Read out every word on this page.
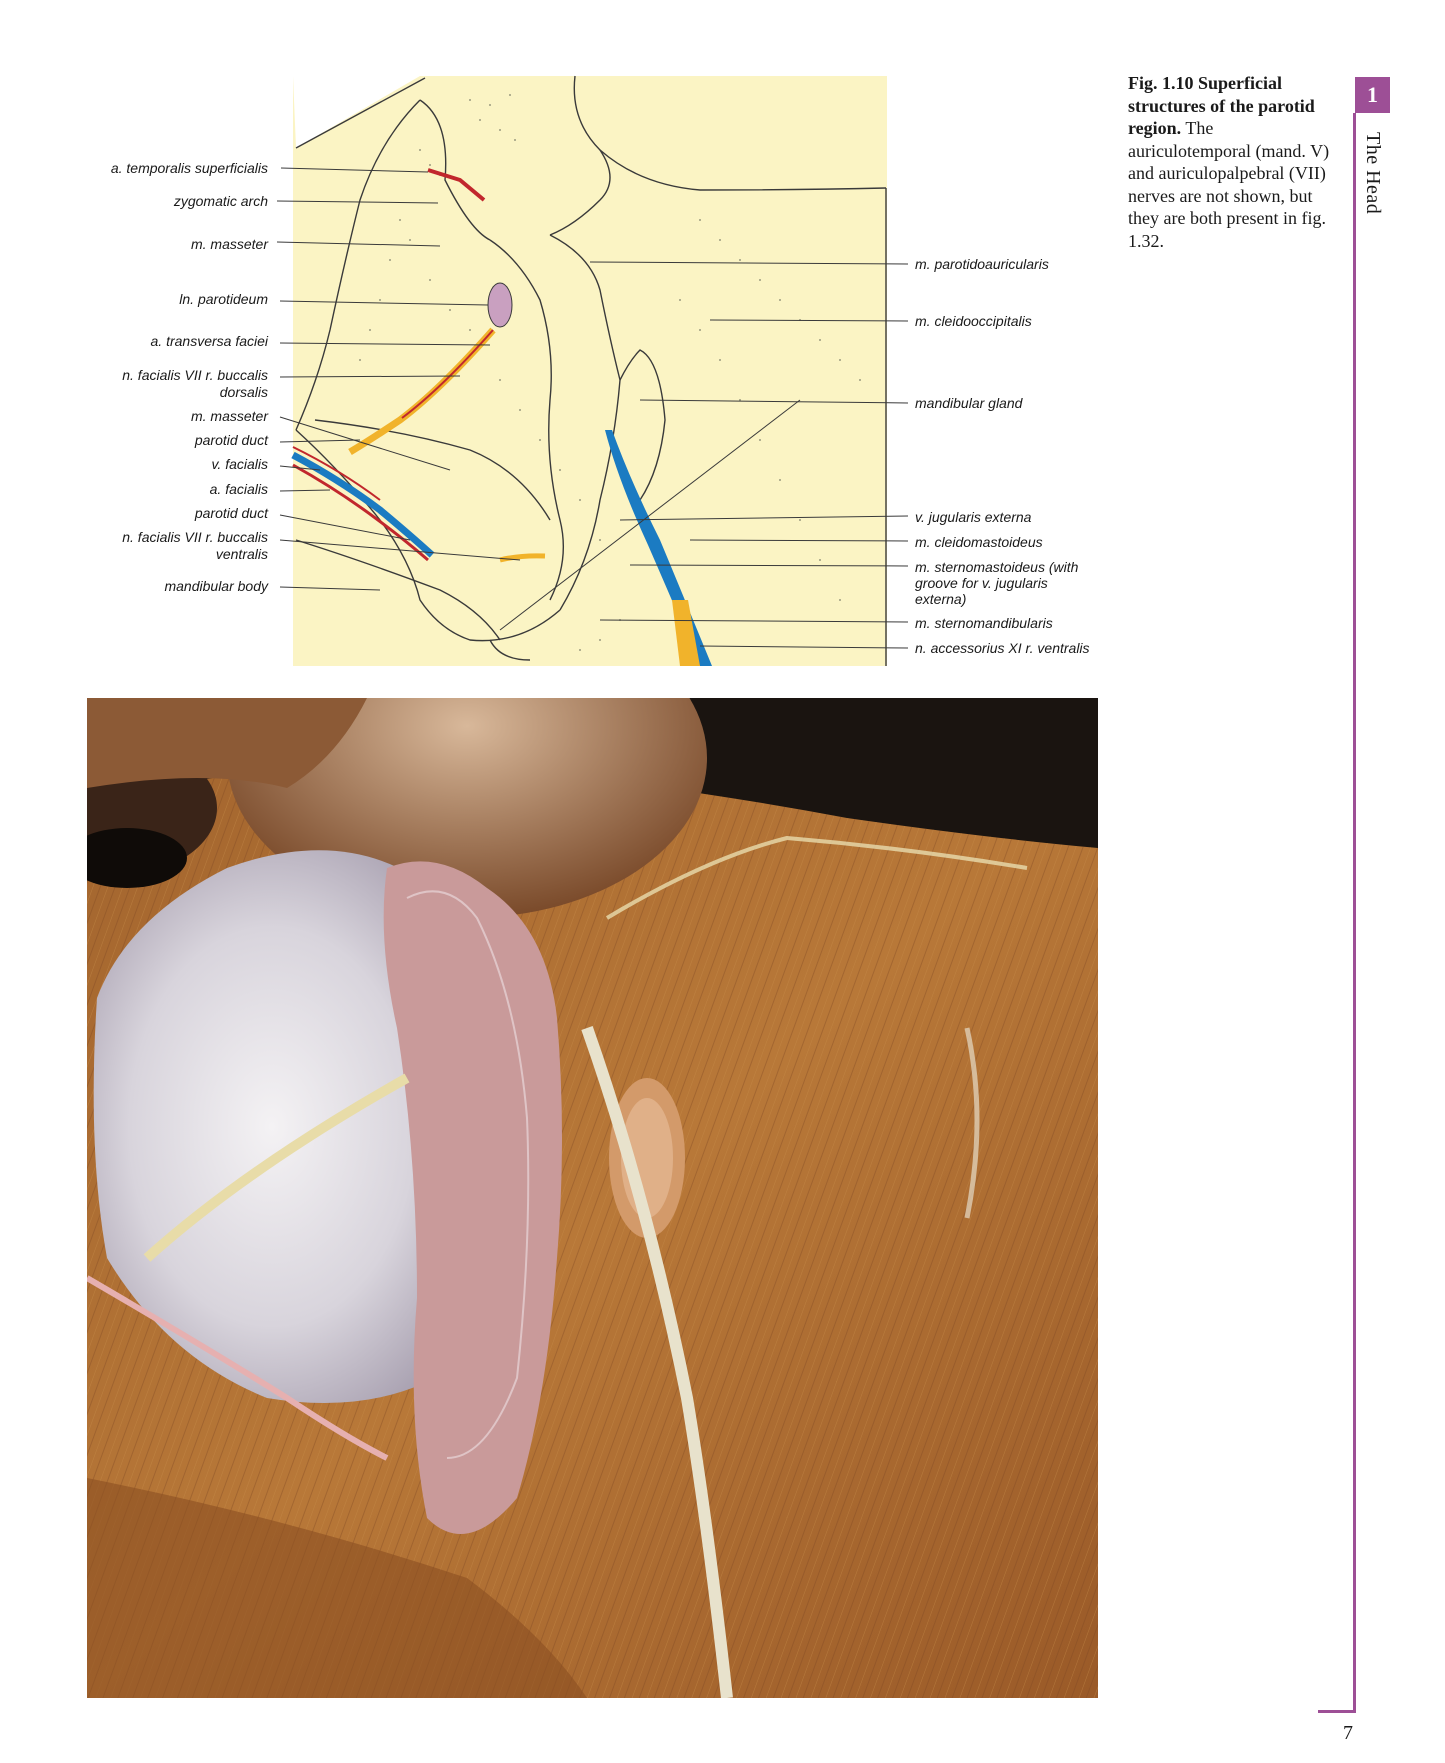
a. temporalis superficialis
zygomatic arch
m. masseter
ln. parotideum
a. transversa faciei
n. facialis VII r. buccalis
dorsalis
m. masseter
parotid duct
v. facialis
a. facialis
parotid duct
n. facialis VII r. buccalis
ventralis
mandibular body
m. parotidoauricularis
m. cleidooccipitalis
mandibular gland
v. jugularis externa
m. cleidomastoideus
m. sternomastoideus (with
groove for v. jugularis
externa)
m. sternomandibularis
n. accessorius XI r. ventralis
Fig. 1.10 Superficial structures of the parotid region. The auriculotemporal (mand. V) and auriculopalpebral (VII) nerves are not shown, but they are both present in fig. 1.32.
1
The Head
7
